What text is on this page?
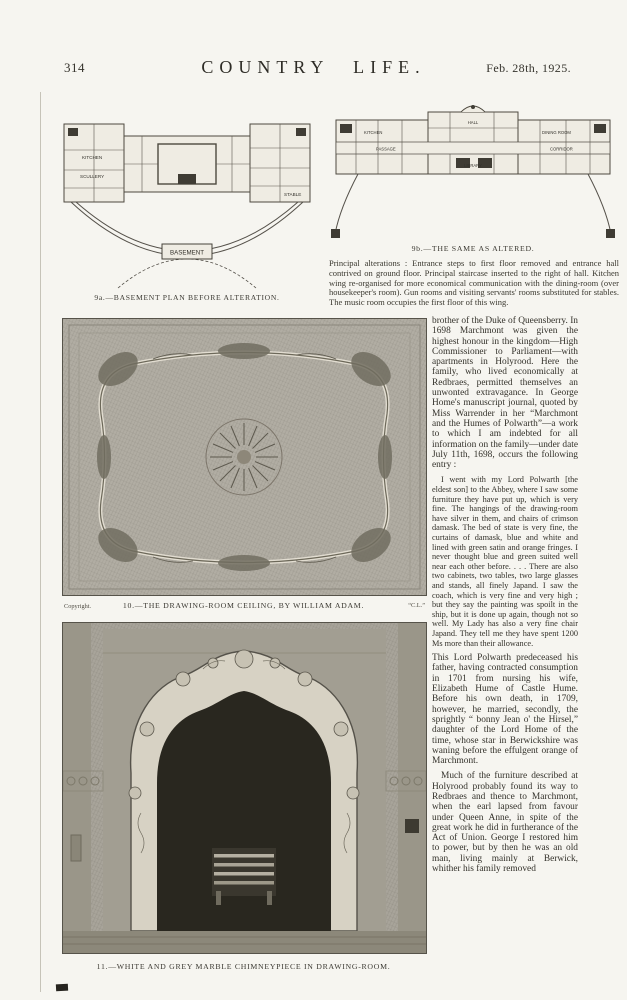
314	COUNTRY LIFE.	Feb. 28th, 1925.
KITCHEN
SCULLERY
STABLE
BASEMENT
9a.—BASEMENT PLAN BEFORE ALTERATION.
KITCHEN
PASSAGE
HALL
CORRIDOR
DINING ROOM
LIBRARY
9b.—THE SAME AS ALTERED.
Principal alterations : Entrance steps to first floor removed and entrance hall contrived on ground floor. Principal staircase inserted to the right of hall. Kitchen wing re-organised for more economical communication with the dining-room (over housekeeper's room). Gun rooms and visiting servants' rooms substituted for stables. The music room occupies the first floor of this wing.
Copyright.	10.—THE DRAWING-ROOM CEILING, BY WILLIAM ADAM.	“C.L.”
11.—WHITE AND GREY MARBLE CHIMNEYPIECE IN DRAWING-ROOM.

brother of the Duke of Queensberry. In 1698 Marchmont was given the highest honour in the kingdom—High Commissioner to Parliament—with apartments in Holyrood. Here the family, who lived economically at Redbraes, permitted themselves an unwonted extravagance. In George Home's manuscript journal, quoted by Miss Warrender in her “Marchmont and the Humes of Polwarth”—a work to which I am indebted for all information on the family—under date July 11th, 1698, occurs the following entry :

I went with my Lord Polwarth [the eldest son] to the Abbey, where I saw some furniture they have put up, which is very fine. The hangings of the drawing-room have silver in them, and chairs of crimson damask. The bed of state is very fine, the curtains of damask, blue and white and lined with green satin and orange fringes. I never thought blue and green suited well near each other before. . . . There are also two cabinets, two tables, two large glasses and stands, all finely Japand. I saw the coach, which is very fine and very high ; but they say the painting was spoilt in the ship, but it is done up again, though not so well. My Lady has also a very fine chair Japand. They tell me they have spent 1200 Ms more than their allowance.

This Lord Polwarth predeceased his father, having contracted consumption in 1701 from nursing his wife, Elizabeth Hume of Castle Hume. Before his own death, in 1709, however, he married, secondly, the sprightly “ bonny Jean o' the Hirsel,” daughter of the Lord Home of the time, whose star in Berwickshire was waning before the effulgent orange of Marchmont.

Much of the furniture described at Holyrood probably found its way to Redbraes and thence to Marchmont, when the earl lapsed from favour under Queen Anne, in spite of the great work he did in furtherance of the Act of Union. George I restored him to power, but by then he was an old man, living mainly at Berwick, whither his family removed
